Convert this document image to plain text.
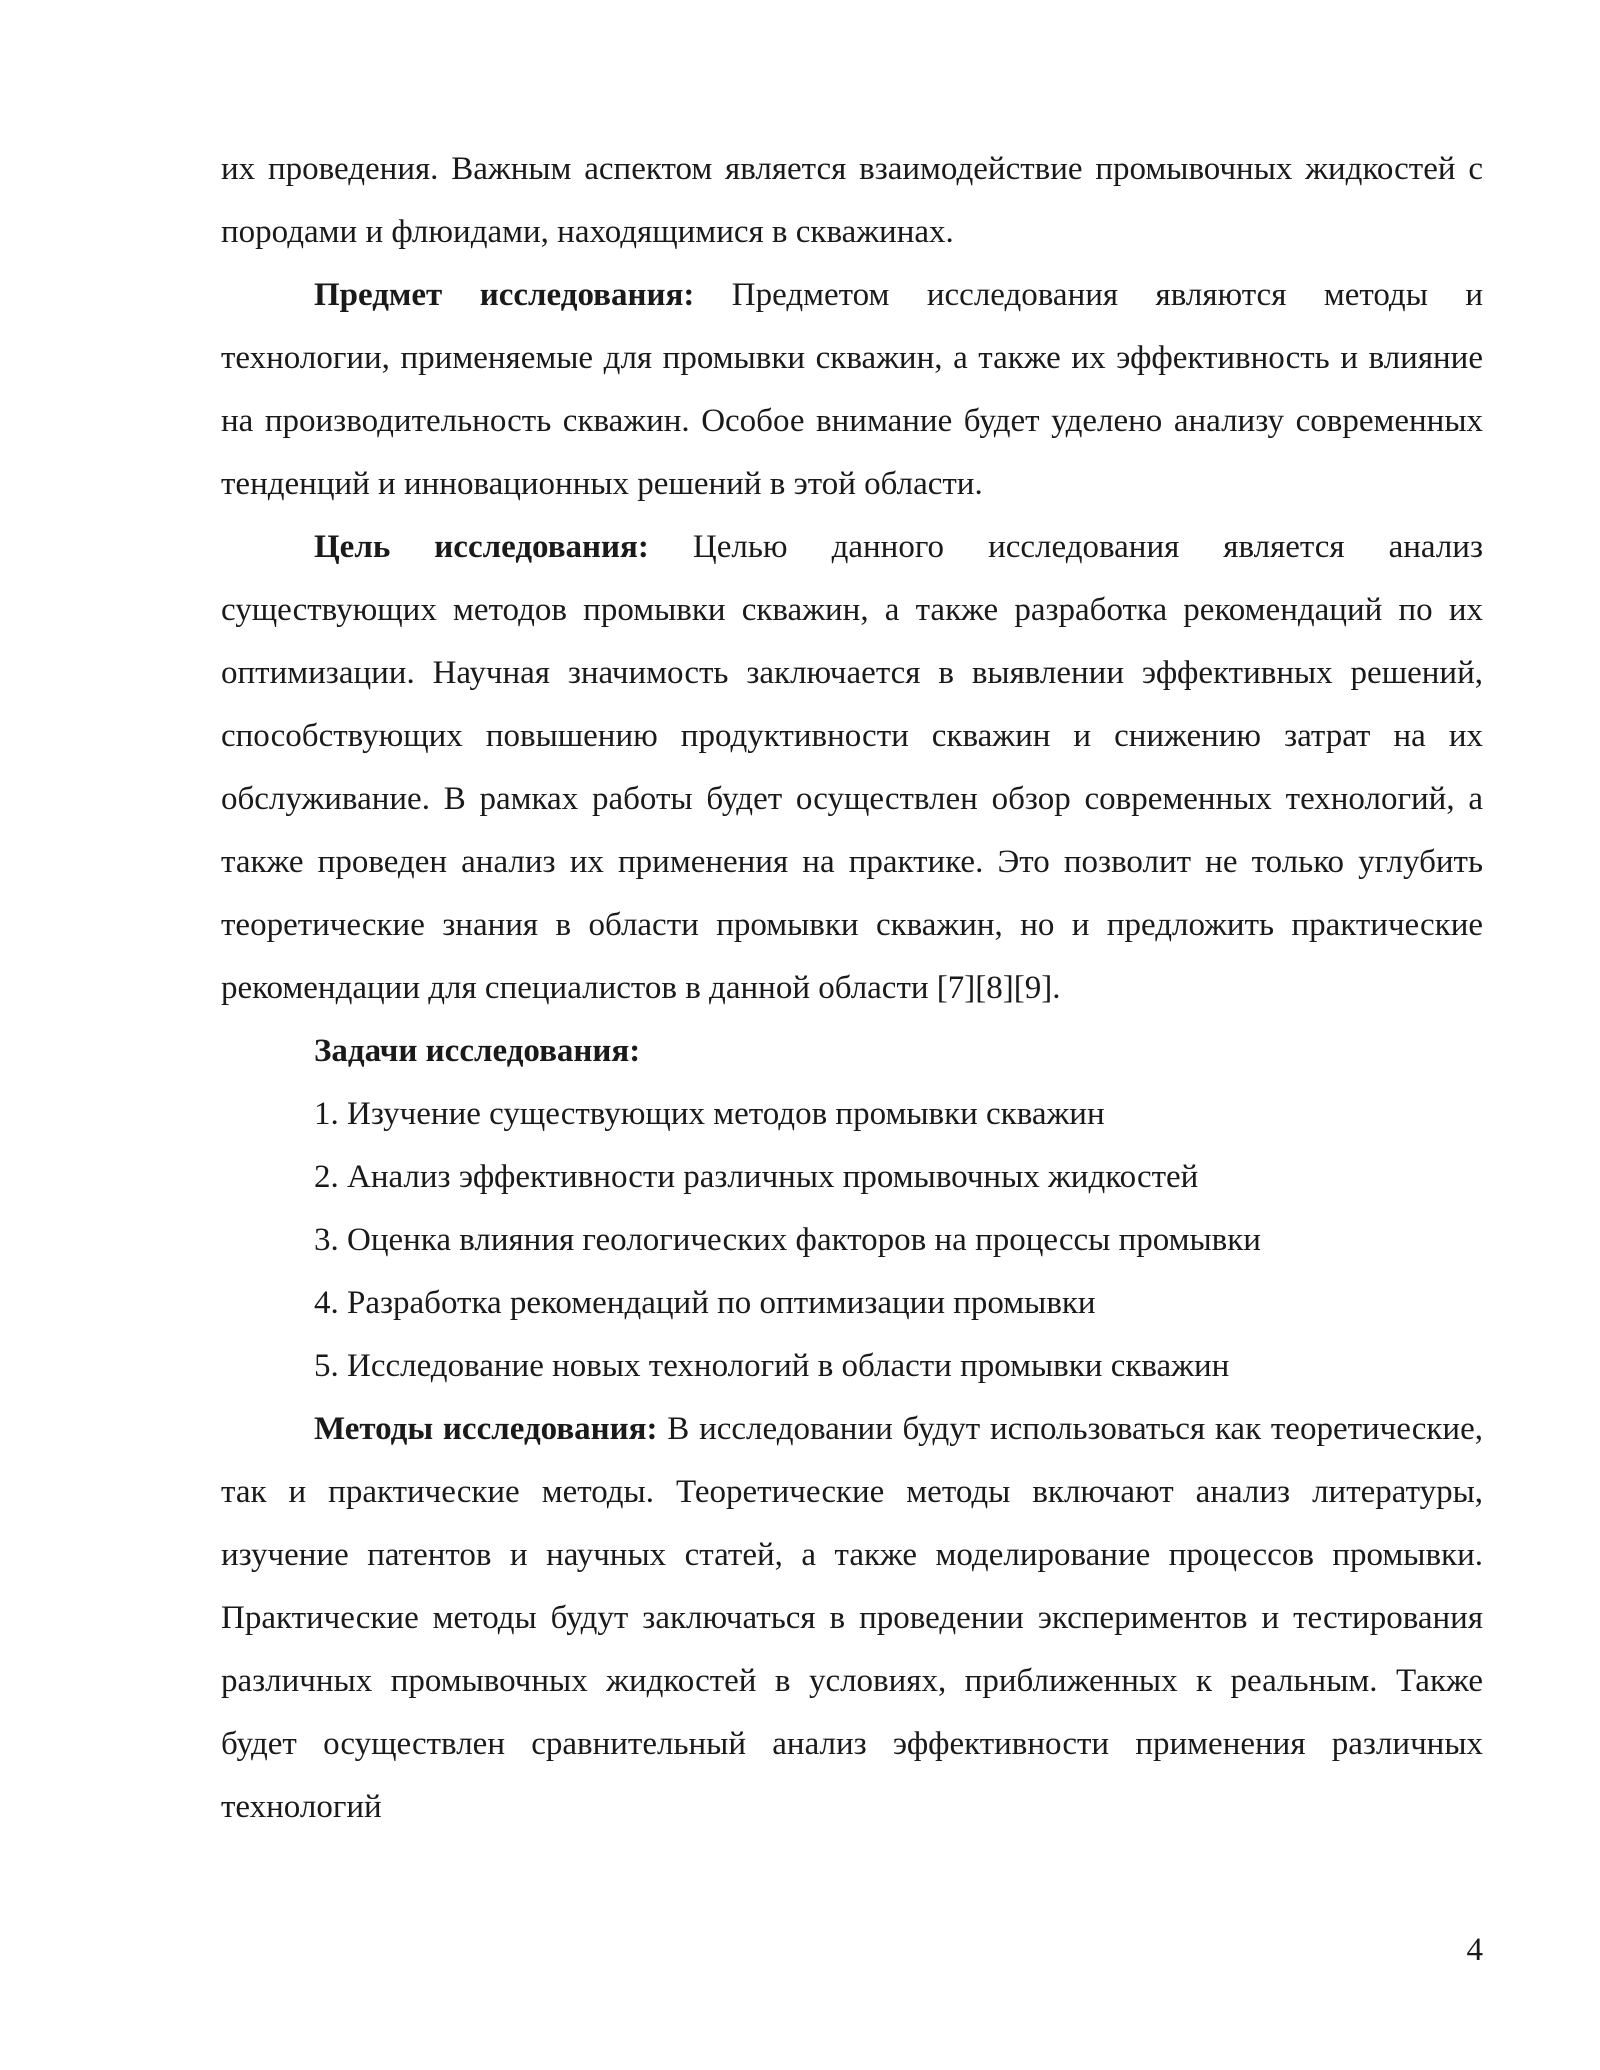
их проведения. Важным аспектом является взаимодействие промывочных жидкостей с породами и флюидами, находящимися в скважинах.

Предмет исследования: Предметом исследования являются методы и технологии, применяемые для промывки скважин, а также их эффективность и влияние на производительность скважин. Особое внимание будет уделено анализу современных тенденций и инновационных решений в этой области.

Цель исследования: Целью данного исследования является анализ существующих методов промывки скважин, а также разработка рекомендаций по их оптимизации. Научная значимость заключается в выявлении эффективных решений, способствующих повышению продуктивности скважин и снижению затрат на их обслуживание. В рамках работы будет осуществлен обзор современных технологий, а также проведен анализ их применения на практике. Это позволит не только углубить теоретические знания в области промывки скважин, но и предложить практические рекомендации для специалистов в данной области [7][8][9].

Задачи исследования:

1. Изучение существующих методов промывки скважин

2. Анализ эффективности различных промывочных жидкостей

3. Оценка влияния геологических факторов на процессы промывки

4. Разработка рекомендаций по оптимизации промывки

5. Исследование новых технологий в области промывки скважин

Методы исследования: В исследовании будут использоваться как теоретические, так и практические методы. Теоретические методы включают анализ литературы, изучение патентов и научных статей, а также моделирование процессов промывки. Практические методы будут заключаться в проведении экспериментов и тестирования различных промывочных жидкостей в условиях, приближенных к реальным. Также будет осуществлен сравнительный анализ эффективности применения различных технологий

4
